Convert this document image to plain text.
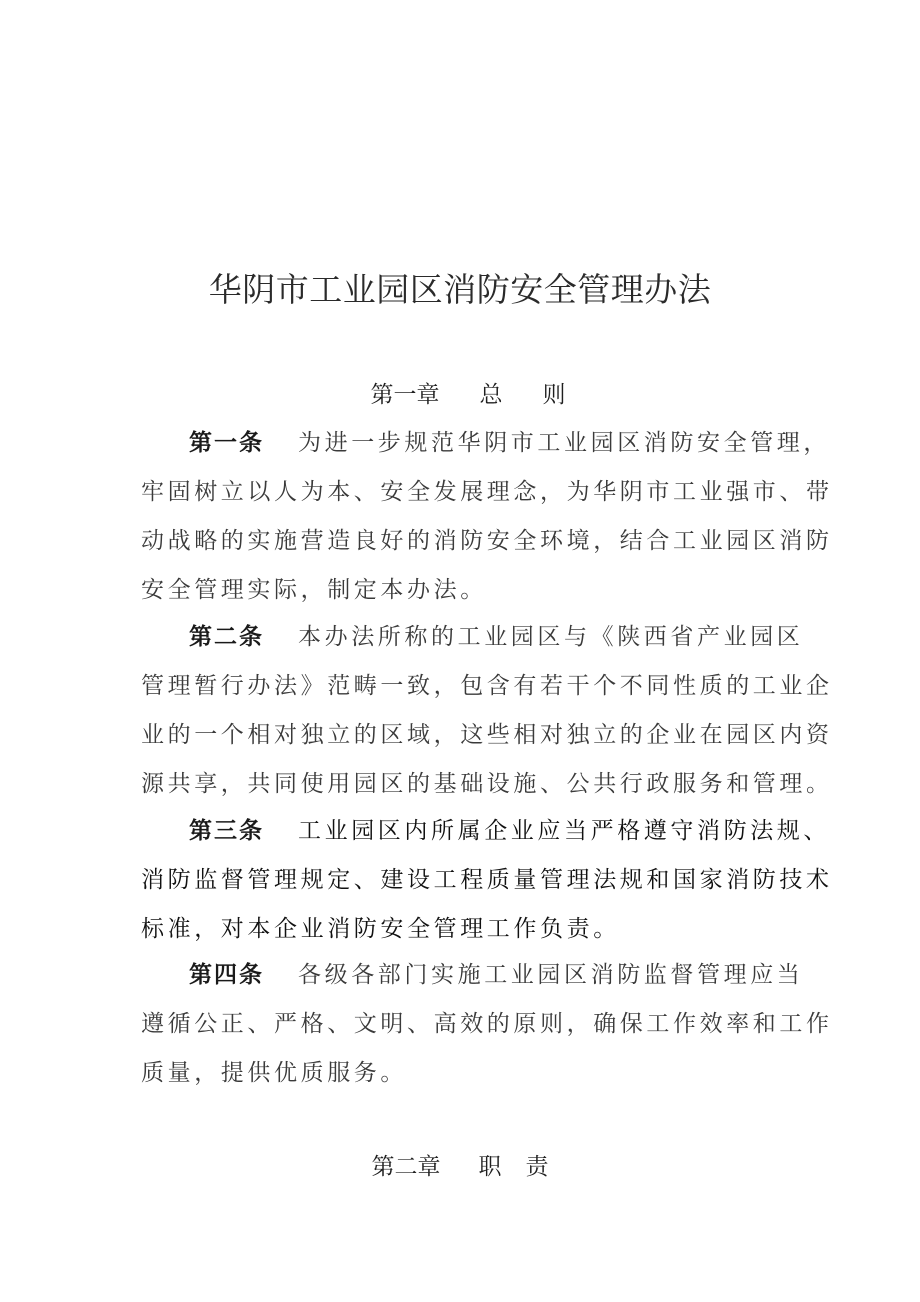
华阴市工业园区消防安全管理办法
第一章 总 则
第一条 为进一步规范华阴市工业园区消防安全管理，
牢固树立以人为本、安全发展理念，为华阴市工业强市、带
动战略的实施营造良好的消防安全环境，结合工业园区消防
安全管理实际，制定本办法。
第二条 本办法所称的工业园区与《陕西省产业园区
管理暂行办法》范畴一致，包含有若干个不同性质的工业企
业的一个相对独立的区域，这些相对独立的企业在园区内资
源共享，共同使用园区的基础设施、公共行政服务和管理。
第三条 工业园区内所属企业应当严格遵守消防法规、
消防监督管理规定、建设工程质量管理法规和国家消防技术
标准，对本企业消防安全管理工作负责。
第四条 各级各部门实施工业园区消防监督管理应当
遵循公正、严格、文明、高效的原则，确保工作效率和工作
质量，提供优质服务。
第二章 职 责
